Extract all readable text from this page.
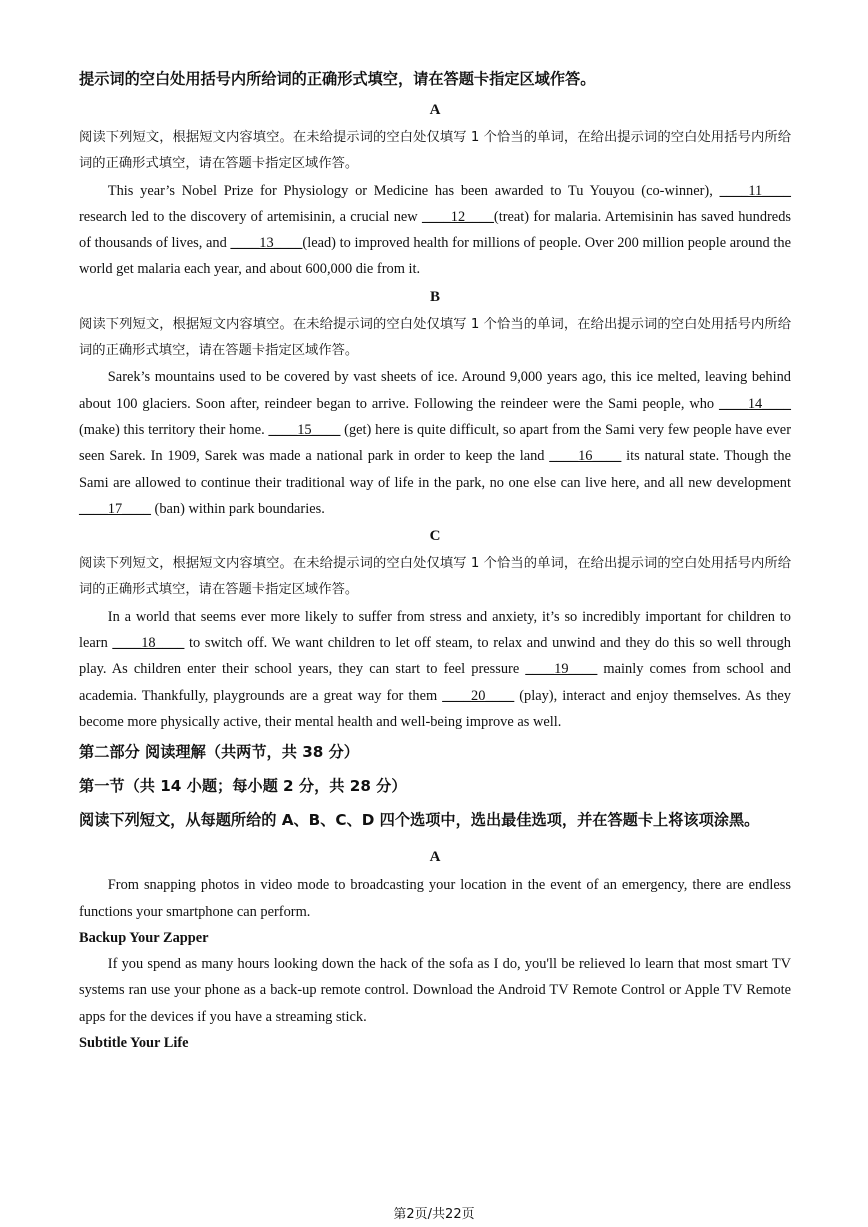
提示词的空白处用括号内所给词的正确形式填空，请在答题卡指定区域作答。

A

阅读下列短文，根据短文内容填空。在未给提示词的空白处仅填写 1 个恰当的单词，在给出提示词的空白处用括号内所给词的正确形式填空，请在答题卡指定区域作答。

This year’s Nobel Prize for Physiology or Medicine has been awarded to Tu Youyou (co-winner), ____11____ research led to the discovery of artemisinin, a crucial new ____12____(treat) for malaria. Artemisinin has saved hundreds of thousands of lives, and ____13____(lead) to improved health for millions of people. Over 200 million people around the world get malaria each year, and about 600,000 die from it.

B

阅读下列短文，根据短文内容填空。在未给提示词的空白处仅填写 1 个恰当的单词，在给出提示词的空白处用括号内所给词的正确形式填空，请在答题卡指定区域作答。

Sarek’s mountains used to be covered by vast sheets of ice. Around 9,000 years ago, this ice melted, leaving behind about 100 glaciers. Soon after, reindeer began to arrive. Following the reindeer were the Sami people, who ____14____ (make) this territory their home. ____15____ (get) here is quite difficult, so apart from the Sami very few people have ever seen Sarek. In 1909, Sarek was made a national park in order to keep the land ____16____ its natural state. Though the Sami are allowed to continue their traditional way of life in the park, no one else can live here, and all new development ____17____ (ban) within park boundaries.

C

阅读下列短文，根据短文内容填空。在未给提示词的空白处仅填写 1 个恰当的单词，在给出提示词的空白处用括号内所给词的正确形式填空，请在答题卡指定区域作答。

In a world that seems ever more likely to suffer from stress and anxiety, it’s so incredibly important for children to learn ____18____ to switch off. We want children to let off steam, to relax and unwind and they do this so well through play. As children enter their school years, they can start to feel pressure ____19____ mainly comes from school and academia. Thankfully, playgrounds are a great way for them ____20____ (play), interact and enjoy themselves. As they become more physically active, their mental health and well-being improve as well.

第二部分 阅读理解（共两节，共 38 分）

第一节（共 14 小题；每小题 2 分，共 28 分）

阅读下列短文，从每题所给的 A、B、C、D 四个选项中，选出最佳选项，并在答题卡上将该项涂黑。

A

From snapping photos in video mode to broadcasting your location in the event of an emergency, there are endless functions your smartphone can perform.

Backup Your Zapper

If you spend as many hours looking down the hack of the sofa as I do, you'll be relieved lo learn that most smart TV systems ran use your phone as a back-up remote control. Download the Android TV Remote Control or Apple TV Remote apps for the devices if you have a streaming stick.

Subtitle Your Life

第2页/共22页
